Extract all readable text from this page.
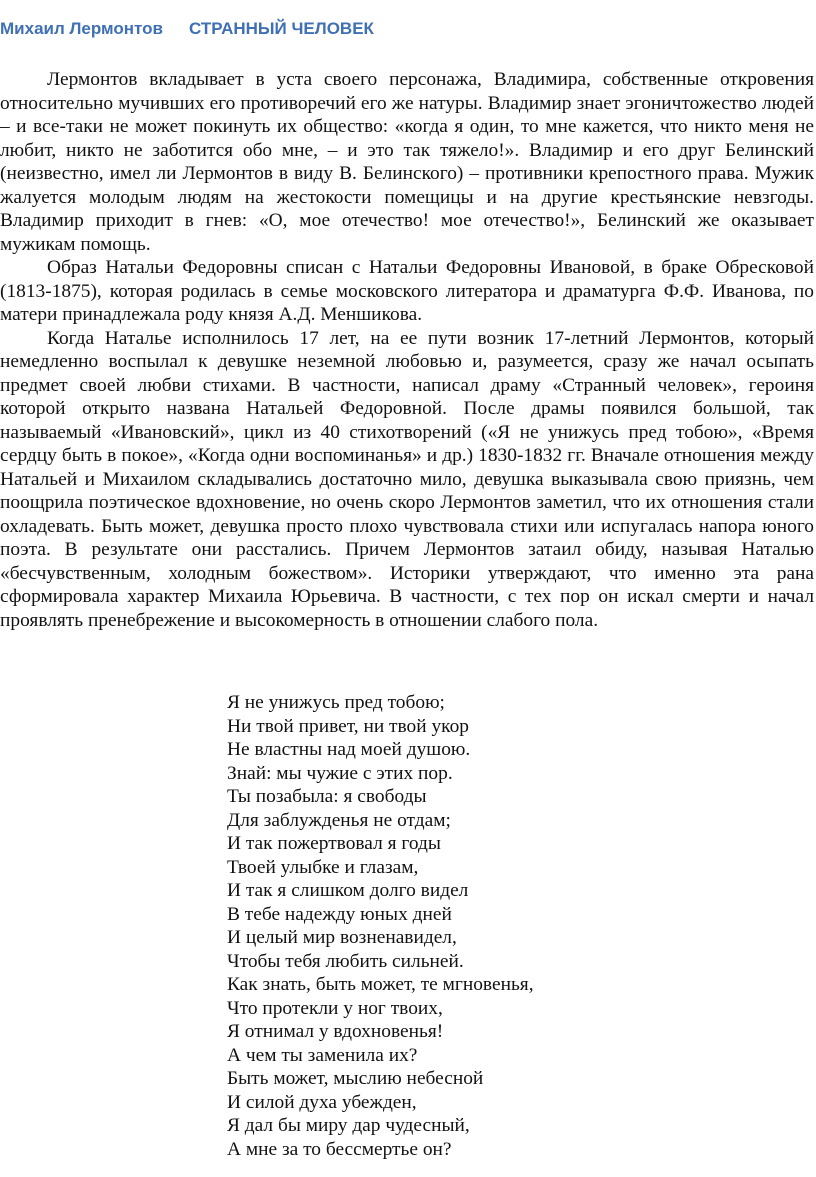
Михаил Лермонтов СТРАННЫЙ ЧЕЛОВЕК

Лермонтов вкладывает в уста своего персонажа, Владимира, собственные откровения относительно мучивших его противоречий его же натуры. Владимир знает эгоничтожество людей – и все-таки не может покинуть их общество: «когда я один, то мне кажется, что никто меня не любит, никто не заботится обо мне, – и это так тяжело!». Владимир и его друг Белинский (неизвестно, имел ли Лермонтов в виду В. Белинского) – противники крепостного права. Мужик жалуется молодым людям на жестокости помещицы и на другие крестьянские невзгоды. Владимир приходит в гнев: «О, мое отечество! мое отечество!», Белинский же оказывает мужикам помощь.

Образ Натальи Федоровны списан с Натальи Федоровны Ивановой, в браке Обресковой (1813-1875), которая родилась в семье московского литератора и драматурга Ф.Ф. Иванова, по матери принадлежала роду князя А.Д. Меншикова.

Когда Наталье исполнилось 17 лет, на ее пути возник 17-летний Лермонтов, который немедленно воспылал к девушке неземной любовью и, разумеется, сразу же начал осыпать предмет своей любви стихами. В частности, написал драму «Странный человек», героиня которой открыто названа Натальей Федоровной. После драмы появился большой, так называемый «Ивановский», цикл из 40 стихотворений («Я не унижусь пред тобою», «Время сердцу быть в покое», «Когда одни воспоминанья» и др.) 1830-1832 гг. Вначале отношения между Натальей и Михаилом складывались достаточно мило, девушка выказывала свою приязнь, чем поощрила поэтическое вдохновение, но очень скоро Лермонтов заметил, что их отношения стали охладевать. Быть может, девушка просто плохо чувствовала стихи или испугалась напора юного поэта. В результате они расстались. Причем Лермонтов затаил обиду, называя Наталью «бесчувственным, холодным божеством». Историки утверждают, что именно эта рана сформировала характер Михаила Юрьевича. В частности, с тех пор он искал смерти и начал проявлять пренебрежение и высокомерность в отношении слабого пола.

Я не унижусь пред тобою;
Ни твой привет, ни твой укор
Не властны над моей душою.
Знай: мы чужие с этих пор.
Ты позабыла: я свободы
Для заблужденья не отдам;
И так пожертвовал я годы
Твоей улыбке и глазам,
И так я слишком долго видел
В тебе надежду юных дней
И целый мир возненавидел,
Чтобы тебя любить сильней.
Как знать, быть может, те мгновенья,
Что протекли у ног твоих,
Я отнимал у вдохновенья!
А чем ты заменила их?
Быть может, мыслию небесной
И силой духа убежден,
Я дал бы миру дар чудесный,
А мне за то бессмертье он?
